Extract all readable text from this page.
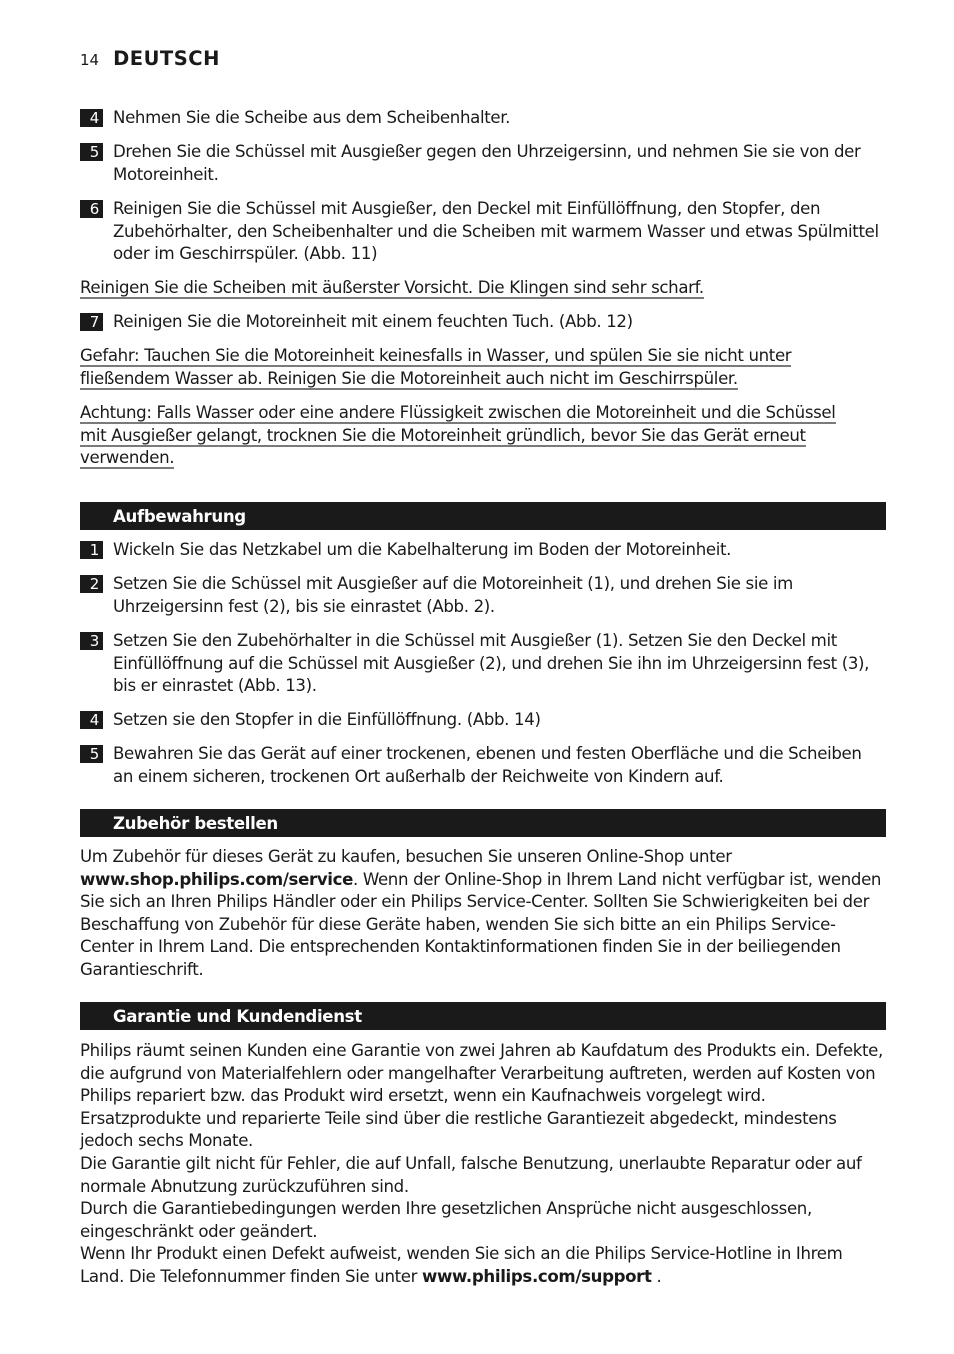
14 DEUTSCH
4 Nehmen Sie die Scheibe aus dem Scheibenhalter.
5 Drehen Sie die Schüssel mit Ausgießer gegen den Uhrzeigersinn, und nehmen Sie sie von der Motoreinheit.
6 Reinigen Sie die Schüssel mit Ausgießer, den Deckel mit Einfüllöffnung, den Stopfer, den Zubehörhalter, den Scheibenhalter und die Scheiben mit warmem Wasser und etwas Spülmittel oder im Geschirrspüler. (Abb. 11)
Reinigen Sie die Scheiben mit äußerster Vorsicht. Die Klingen sind sehr scharf.
7 Reinigen Sie die Motoreinheit mit einem feuchten Tuch. (Abb. 12)
Gefahr: Tauchen Sie die Motoreinheit keinesfalls in Wasser, und spülen Sie sie nicht unter
fließendem Wasser ab. Reinigen Sie die Motoreinheit auch nicht im Geschirrspüler.
Achtung: Falls Wasser oder eine andere Flüssigkeit zwischen die Motoreinheit und die Schüssel
mit Ausgießer gelangt, trocknen Sie die Motoreinheit gründlich, bevor Sie das Gerät erneut
verwenden.
Aufbewahrung
1 Wickeln Sie das Netzkabel um die Kabelhalterung im Boden der Motoreinheit.
2 Setzen Sie die Schüssel mit Ausgießer auf die Motoreinheit (1), und drehen Sie sie im Uhrzeigersinn fest (2), bis sie einrastet (Abb. 2).
3 Setzen Sie den Zubehörhalter in die Schüssel mit Ausgießer (1). Setzen Sie den Deckel mit Einfüllöffnung auf die Schüssel mit Ausgießer (2), und drehen Sie ihn im Uhrzeigersinn fest (3), bis er einrastet (Abb. 13).
4 Setzen sie den Stopfer in die Einfüllöffnung. (Abb. 14)
5 Bewahren Sie das Gerät auf einer trockenen, ebenen und festen Oberfläche und die Scheiben an einem sicheren, trockenen Ort außerhalb der Reichweite von Kindern auf.
Zubehör bestellen
Um Zubehör für dieses Gerät zu kaufen, besuchen Sie unseren Online-Shop unter www.shop.philips.com/service. Wenn der Online-Shop in Ihrem Land nicht verfügbar ist, wenden Sie sich an Ihren Philips Händler oder ein Philips Service-Center. Sollten Sie Schwierigkeiten bei der Beschaffung von Zubehör für diese Geräte haben, wenden Sie sich bitte an ein Philips Service-Center in Ihrem Land. Die entsprechenden Kontaktinformationen finden Sie in der beiliegenden Garantieschrift.
Garantie und Kundendienst
Philips räumt seinen Kunden eine Garantie von zwei Jahren ab Kaufdatum des Produkts ein. Defekte, die aufgrund von Materialfehlern oder mangelhafter Verarbeitung auftreten, werden auf Kosten von Philips repariert bzw. das Produkt wird ersetzt, wenn ein Kaufnachweis vorgelegt wird. Ersatzprodukte und reparierte Teile sind über die restliche Garantiezeit abgedeckt, mindestens jedoch sechs Monate.
Die Garantie gilt nicht für Fehler, die auf Unfall, falsche Benutzung, unerlaubte Reparatur oder auf normale Abnutzung zurückzuführen sind.
Durch die Garantiebedingungen werden Ihre gesetzlichen Ansprüche nicht ausgeschlossen, eingeschränkt oder geändert.
Wenn Ihr Produkt einen Defekt aufweist, wenden Sie sich an die Philips Service-Hotline in Ihrem Land. Die Telefonnummer finden Sie unter www.philips.com/support .
